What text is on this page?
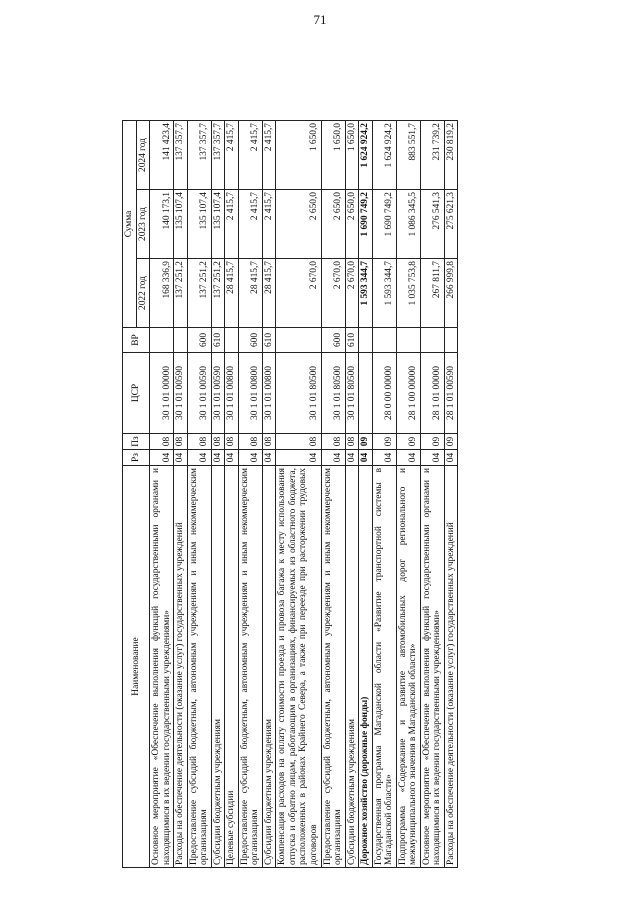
71
Наименование	Рз	Пз	ЦСР	ВР	Сумма		
					2022 год	2023 год	2024 год
Основное мероприятие «Обеспечение выполнения функций государственными органами и находящимися в их ведении государственными учреждениями»	04	08	30 1 01 00000		168 336,9	140 173,1	141 423,4
Расходы на обеспечение деятельности (оказание услуг) государственных учреждений	04	08	30 1 01 00590		137 251,2	135 107,4	137 357,7
Предоставление субсидий бюджетным, автономным учреждениям и иным некоммерческим организациям	04	08	30 1 01 00590	600	137 251,2	135 107,4	137 357,7
Субсидии бюджетным учреждениям	04	08	30 1 01 00590	610	137 251,2	135 107,4	137 357,7
Целевые субсидии	04	08	30 1 01 00800		28 415,7	2 415,7	2 415,7
Предоставление субсидий бюджетным, автономным учреждениям и иным некоммерческим организациям	04	08	30 1 01 00800	600	28 415,7	2 415,7	2 415,7
Субсидии бюджетным учреждениям	04	08	30 1 01 00800	610	28 415,7	2 415,7	2 415,7
Компенсация расходов на оплату стоимости проезда и провоза багажа к месту использования отпуска и обратно лицам, работающим в организациях, финансируемых из областного бюджета, расположенных в районах Крайнего Севера, а также при переезде при расторжении трудовых договоров	04	08	30 1 01 80500		2 670,0	2 650,0	1 650,0
Предоставление субсидий бюджетным, автономным учреждениям и иным некоммерческим организациям	04	08	30 1 01 80500	600	2 670,0	2 650,0	1 650,0
Субсидии бюджетным учреждениям	04	08	30 1 01 80500	610	2 670,0	2 650,0	1 650,0
Дорожное хозяйство (дорожные фонды)	04	09			1 593 344,7	1 690 749,2	1 624 924,2
Государственная программа Магаданской области «Развитие транспортной системы в Магаданской области»	04	09	28 0 00 00000		1 593 344,7	1 690 749,2	1 624 924,2
Подпрограмма «Содержание и развитие автомобильных дорог регионального и межмуниципального значения в Магаданской области»	04	09	28 1 00 00000		1 035 753,8	1 086 345,5	883 551,7
Основное мероприятие «Обеспечение выполнения функций государственными органами и находящимися в их ведении государственными учреждениями»	04	09	28 1 01 00000		267 811,7	276 541,3	231 739,2
Расходы на обеспечение деятельности (оказание услуг) государственных учреждений	04	09	28 1 01 00590		266 999,8	275 621,3	230 819,2
